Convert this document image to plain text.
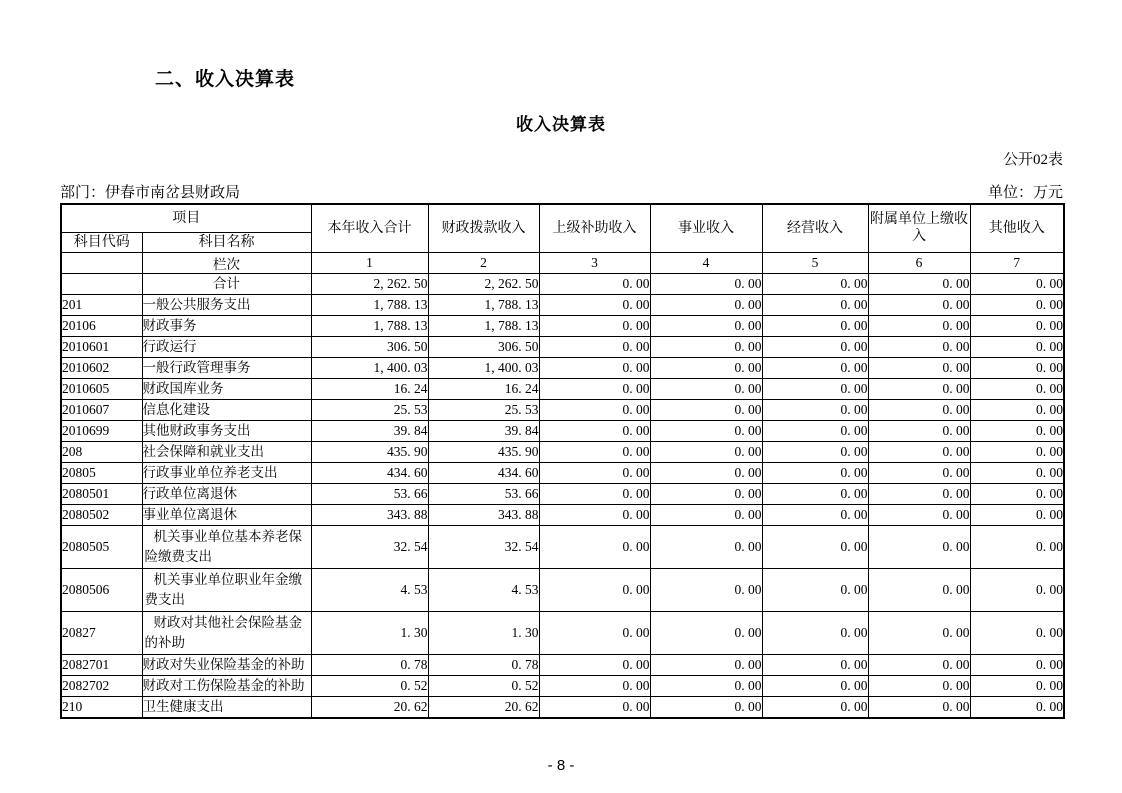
二、收入决算表
收入决算表
公开02表
部门：伊春市南岔县财政局	单位：万元
项目		本年收入合计	财政拨款收入	上级补助收入	事业收入	经营收入	附属单位上缴收入	其他收入
科目代码	科目名称							
	栏次	1	2	3	4	5	6	7
	合计	2, 262. 50	2, 262. 50	0. 00	0. 00	0. 00	0. 00	0. 00
201	一般公共服务支出	1, 788. 13	1, 788. 13	0. 00	0. 00	0. 00	0. 00	0. 00
20106	财政事务	1, 788. 13	1, 788. 13	0. 00	0. 00	0. 00	0. 00	0. 00
2010601	行政运行	306. 50	306. 50	0. 00	0. 00	0. 00	0. 00	0. 00
2010602	一般行政管理事务	1, 400. 03	1, 400. 03	0. 00	0. 00	0. 00	0. 00	0. 00
2010605	财政国库业务	16. 24	16. 24	0. 00	0. 00	0. 00	0. 00	0. 00
2010607	信息化建设	25. 53	25. 53	0. 00	0. 00	0. 00	0. 00	0. 00
2010699	其他财政事务支出	39. 84	39. 84	0. 00	0. 00	0. 00	0. 00	0. 00
208	社会保障和就业支出	435. 90	435. 90	0. 00	0. 00	0. 00	0. 00	0. 00
20805	行政事业单位养老支出	434. 60	434. 60	0. 00	0. 00	0. 00	0. 00	0. 00
2080501	行政单位离退休	53. 66	53. 66	0. 00	0. 00	0. 00	0. 00	0. 00
2080502	事业单位离退休	343. 88	343. 88	0. 00	0. 00	0. 00	0. 00	0. 00
2080505	机关事业单位基本养老保险缴费支出	32. 54	32. 54	0. 00	0. 00	0. 00	0. 00	0. 00
2080506	机关事业单位职业年金缴费支出	4. 53	4. 53	0. 00	0. 00	0. 00	0. 00	0. 00
20827	财政对其他社会保险基金的补助	1. 30	1. 30	0. 00	0. 00	0. 00	0. 00	0. 00
2082701	财政对失业保险基金的补助	0. 78	0. 78	0. 00	0. 00	0. 00	0. 00	0. 00
2082702	财政对工伤保险基金的补助	0. 52	0. 52	0. 00	0. 00	0. 00	0. 00	0. 00
210	卫生健康支出	20. 62	20. 62	0. 00	0. 00	0. 00	0. 00	0. 00
- 8 -
